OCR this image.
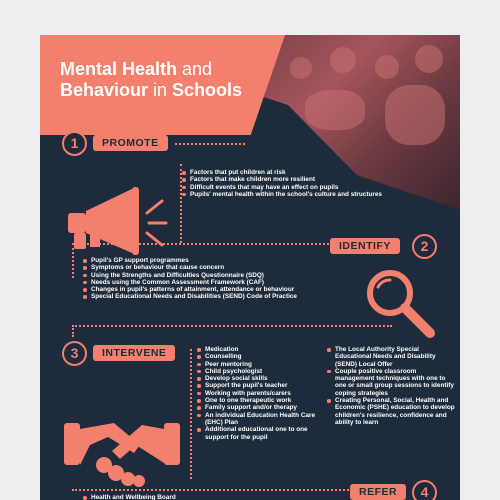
Mental Health and
Behaviour in Schools
1	PROMOTE
Factors that put children at risk
Factors that make children more resilient
Difficult events that may have an effect on pupils
Pupils' mental health within the school's culture and structures
IDENTIFY	2
Pupil's GP support programmes
Symptoms or behaviour that cause concern
Using the Strengths and Difficulties Questionnaire (SDQ)
Needs using the Common Assessment Framework (CAF)
Changes in pupil's patterns of attainment, attendance or behaviour
Special Educational Needs and Disabilities (SEND) Code of Practice
3	INTERVENE	Medication
Counselling
Peer mentoring
Child psychologist
Develop social skills
Support the pupil's teacher
Working with parents/carers
One to one therapeutic work
Family support and/or therapy
An individual Education Health Care (EHC) Plan
Additional educational one to one support for the pupil
The Local Authority Special Educational Needs and Disability (SEND) Local Offer
Couple positive classroom management techniques with one to one or small group sessions to identify coping strategies
Creating Personal, Social, Health and Economic (PSHE) education to develop children's resilience, confidence and ability to learn
REFER	4
Health and Wellbeing Board
